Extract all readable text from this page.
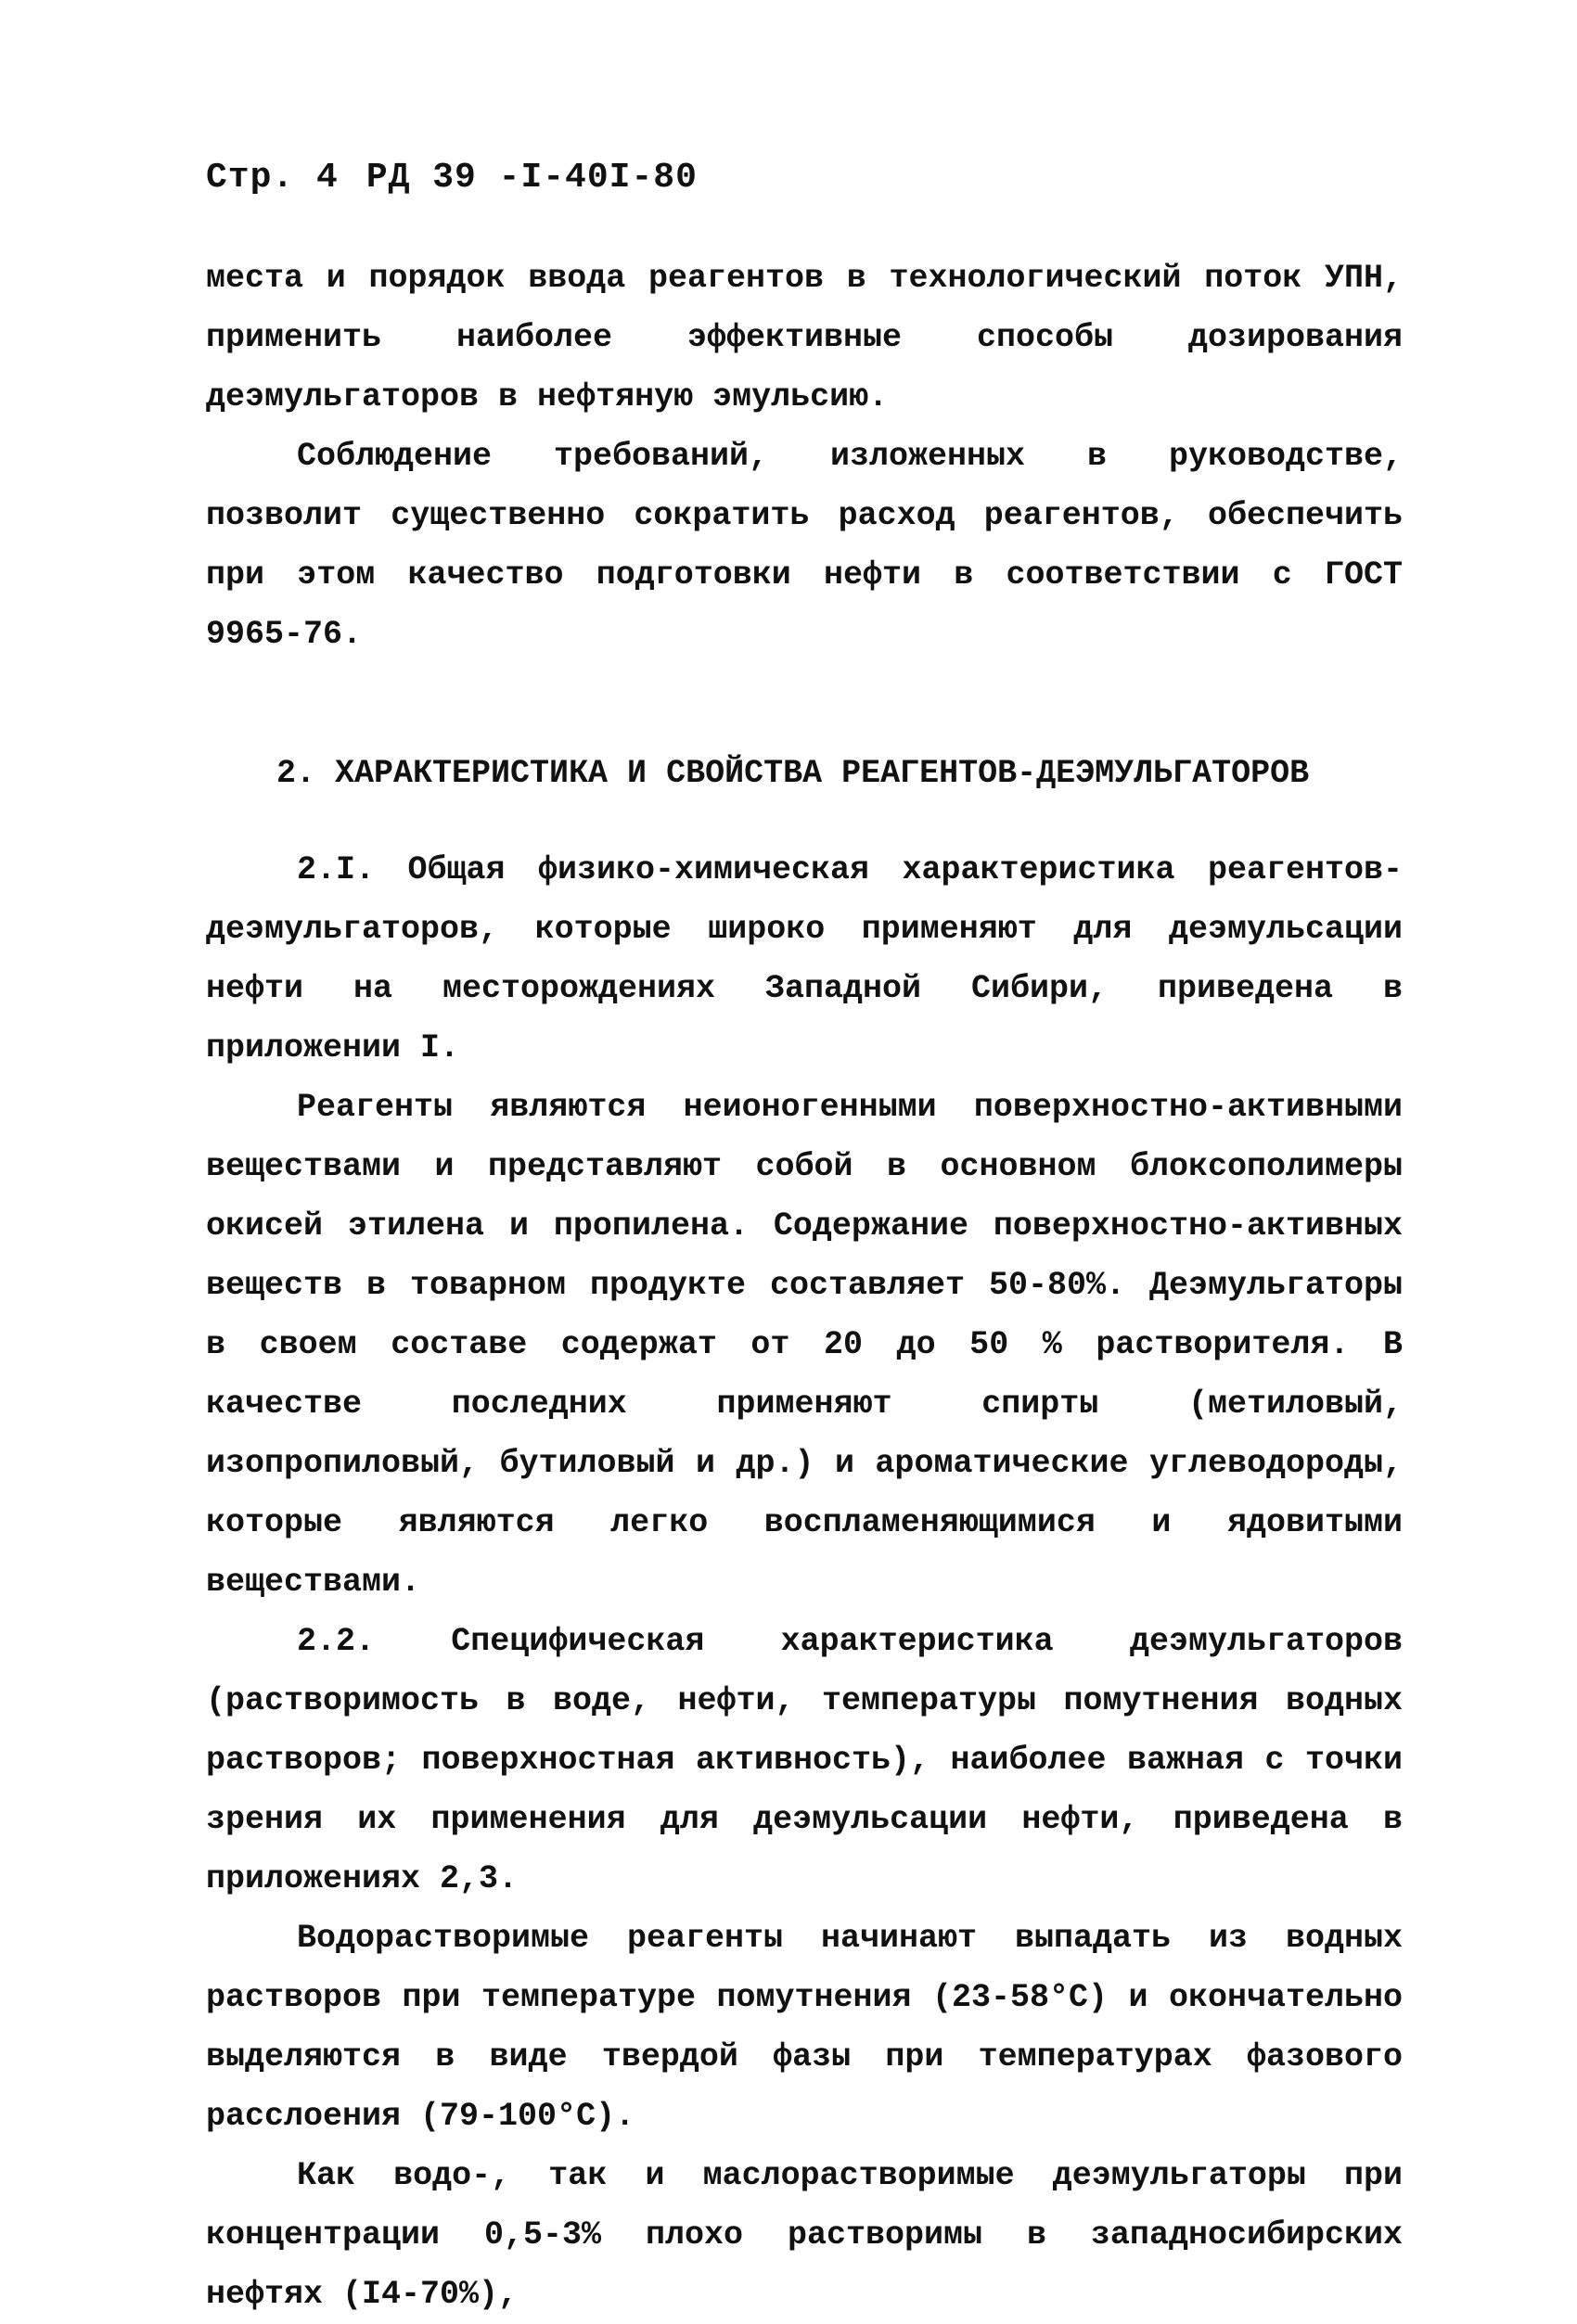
Стр. 4 РД 39 -I-40I-80

места и порядок ввода реагентов в технологический поток УПН, применить наиболее эффективные способы дозирования деэмульгаторов в нефтяную эмульсию.

Соблюдение требований, изложенных в руководстве, позволит существенно сократить расход реагентов, обеспечить при этом качество подготовки нефти в соответствии с ГОСТ 9965-76.

2. ХАРАКТЕРИСТИКА И СВОЙСТВА РЕАГЕНТОВ-ДЕЭМУЛЬГАТОРОВ

2.I. Общая физико-химическая характеристика реагентов-деэмульгаторов, которые широко применяют для деэмульсации нефти на месторождениях Западной Сибири, приведена в приложении I.

Реагенты являются неионогенными поверхностно-активными веществами и представляют собой в основном блоксополимеры окисей этилена и пропилена. Содержание поверхностно-активных веществ в товарном продукте составляет 50-80%. Деэмульгаторы в своем составе содержат от 20 до 50 % растворителя. В качестве последних применяют спирты (метиловый, изопропиловый, бутиловый и др.) и ароматические углеводороды, которые являются легко воспламеняющимися и ядовитыми веществами.

2.2. Специфическая характеристика деэмульгаторов (растворимость в воде, нефти, температуры помутнения водных растворов; поверхностная активность), наиболее важная с точки зрения их применения для деэмульсации нефти, приведена в приложениях 2,3.

Водорастворимые реагенты начинают выпадать из водных растворов при температуре помутнения (23-58°C) и окончательно выделяются в виде твердой фазы при температурах фазового расслоения (79-100°C).

Как водо-, так и маслорастворимые деэмульгаторы при концентрации 0,5-3% плохо растворимы в западносибирских нефтях (I4-70%),
